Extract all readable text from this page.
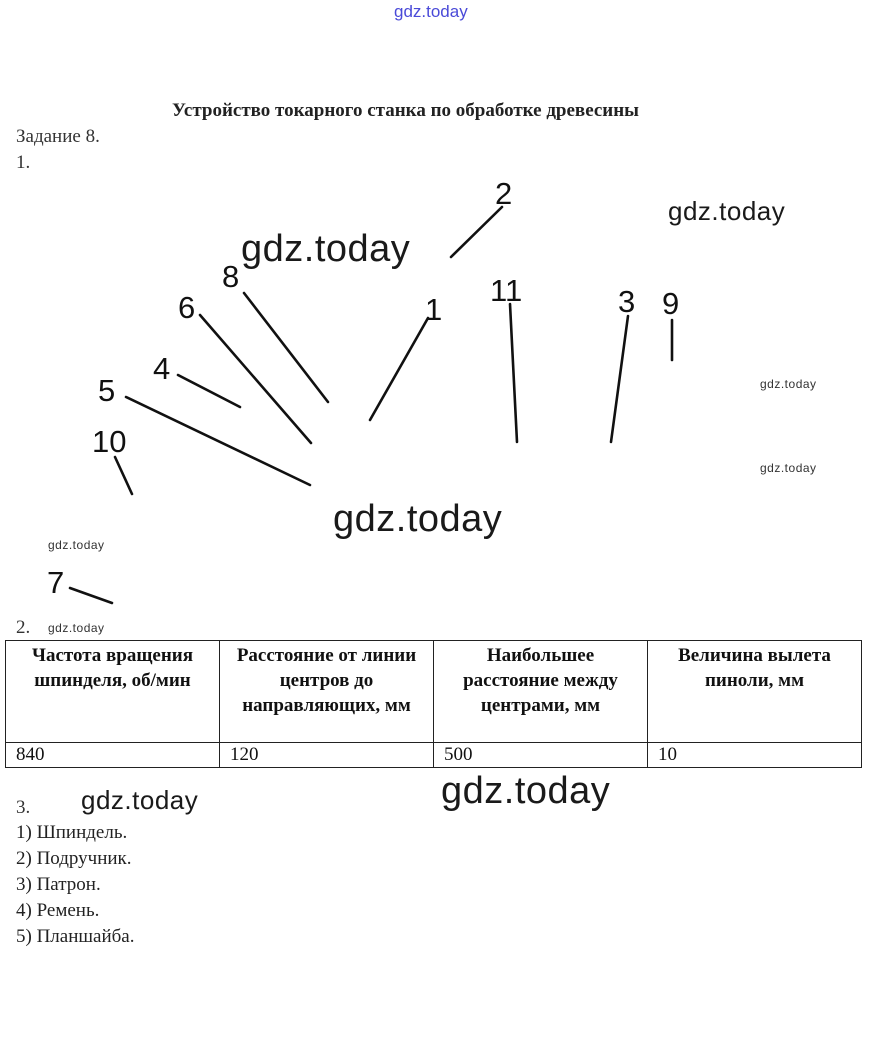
gdz.today
Устройство токарного станка по обработке древесины
Задание 8.
1.
2
8
6	1
11	3 9
4
5
10
7
gdz.today
gdz.today
gdz.today
gdz.today
gdz.today
gdz.today
gdz.today
2.
Частота вращения шпинделя, об/мин	Расстояние от линии центров до направляющих, мм	Наибольшее расстояние между центрами, мм	Величина вылета пиноли, мм
840	120	500	10
3. gdz.today	gdz.today
1) Шпиндель.
2) Подручник.
3) Патрон.
4) Ремень.
5) Планшайба.
